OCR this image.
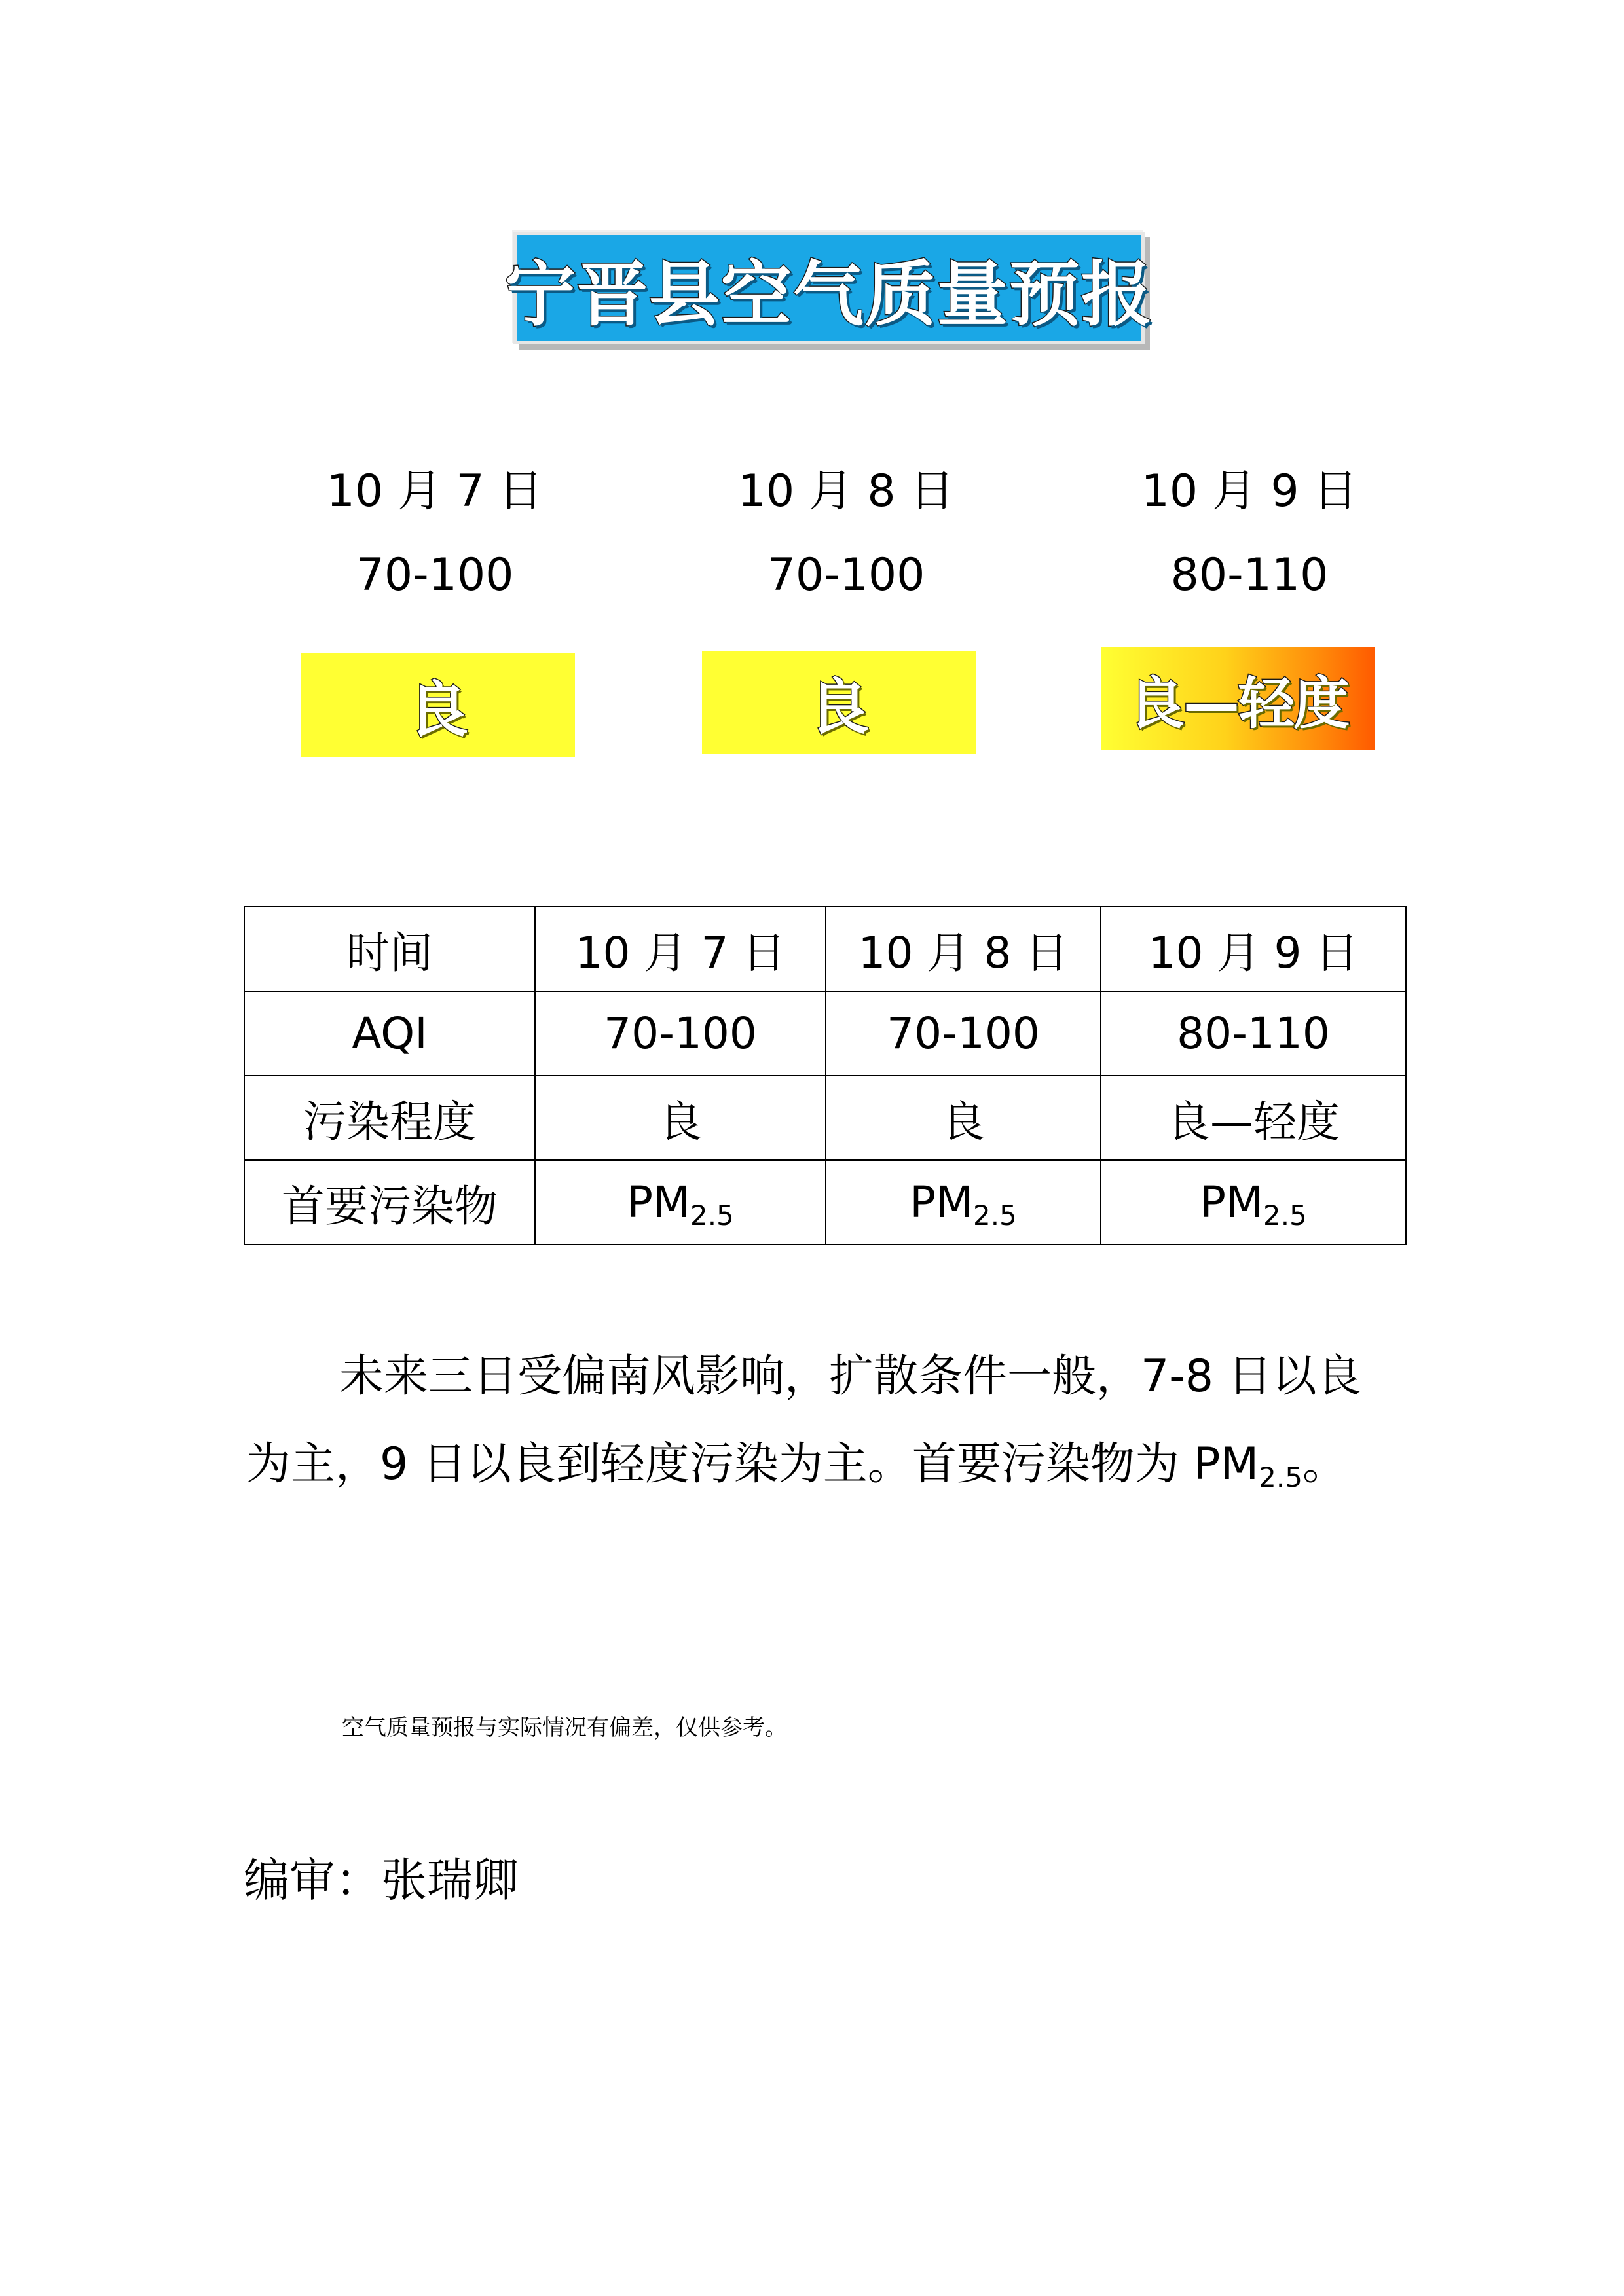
宁晋县空气质量预报
10 月 7 日
70-100
10 月 8 日
70-100
10 月 9 日
80-110
良	良	良—轻度
时间	10 月 7 日	10 月 8 日	10 月 9 日
AQI	70-100	70-100	80-110
污染程度	良	良	良—轻度
首要污染物	PM2.5	PM2.5	PM2.5
未来三日受偏南风影响，扩散条件一般，7-8 日以良为主，9 日以良到轻度污染为主。首要污染物为 PM2.5。
空气质量预报与实际情况有偏差，仅供参考。
编审：张瑞卿
